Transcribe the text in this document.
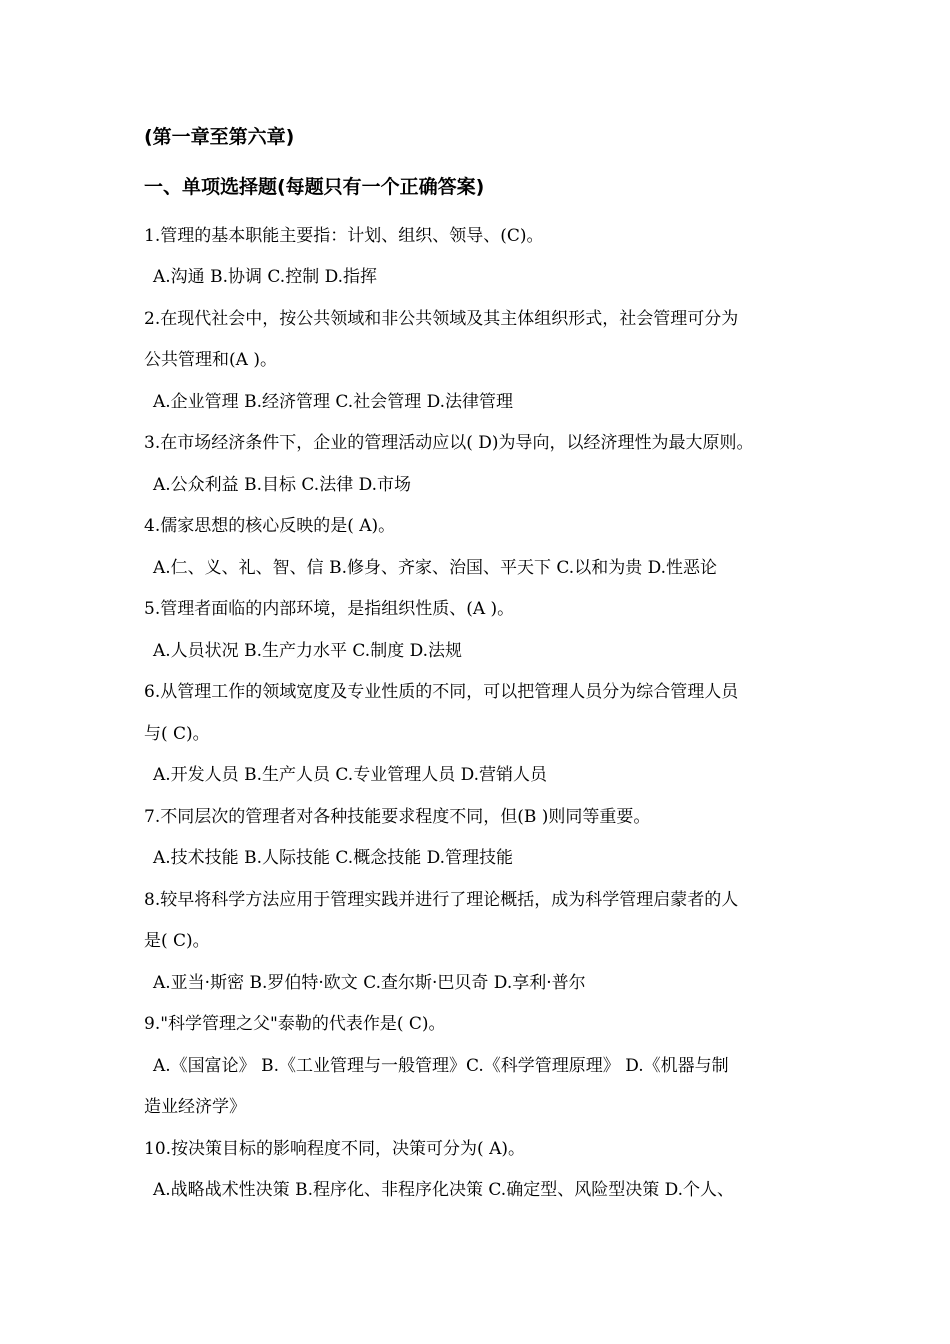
(第一章至第六章)
一、单项选择题(每题只有一个正确答案)
1.管理的基本职能主要指：计划、组织、领导、(C)。
A.沟通 B.协调 C.控制 D.指挥
2.在现代社会中，按公共领域和非公共领域及其主体组织形式，社会管理可分为
公共管理和(A )。
A.企业管理 B.经济管理 C.社会管理 D.法律管理
3.在市场经济条件下，企业的管理活动应以( D)为导向，以经济理性为最大原则。
A.公众利益 B.目标 C.法律 D.市场
4.儒家思想的核心反映的是( A)。
A.仁、义、礼、智、信 B.修身、齐家、治国、平天下 C.以和为贵 D.性恶论
5.管理者面临的内部环境，是指组织性质、(A )。
A.人员状况 B.生产力水平 C.制度 D.法规
6.从管理工作的领域宽度及专业性质的不同，可以把管理人员分为综合管理人员
与( C)。
A.开发人员 B.生产人员 C.专业管理人员 D.营销人员
7.不同层次的管理者对各种技能要求程度不同，但(B )则同等重要。
A.技术技能 B.人际技能 C.概念技能 D.管理技能
8.较早将科学方法应用于管理实践并进行了理论概括，成为科学管理启蒙者的人
是( C)。
A.亚当·斯密 B.罗伯特·欧文 C.查尔斯·巴贝奇 D.享利·普尔
9."科学管理之父"泰勒的代表作是( C)。
A.《国富论》 B.《工业管理与一般管理》C.《科学管理原理》 D.《机器与制
造业经济学》
10.按决策目标的影响程度不同，决策可分为( A)。
A.战略战术性决策 B.程序化、非程序化决策 C.确定型、风险型决策 D.个人、
